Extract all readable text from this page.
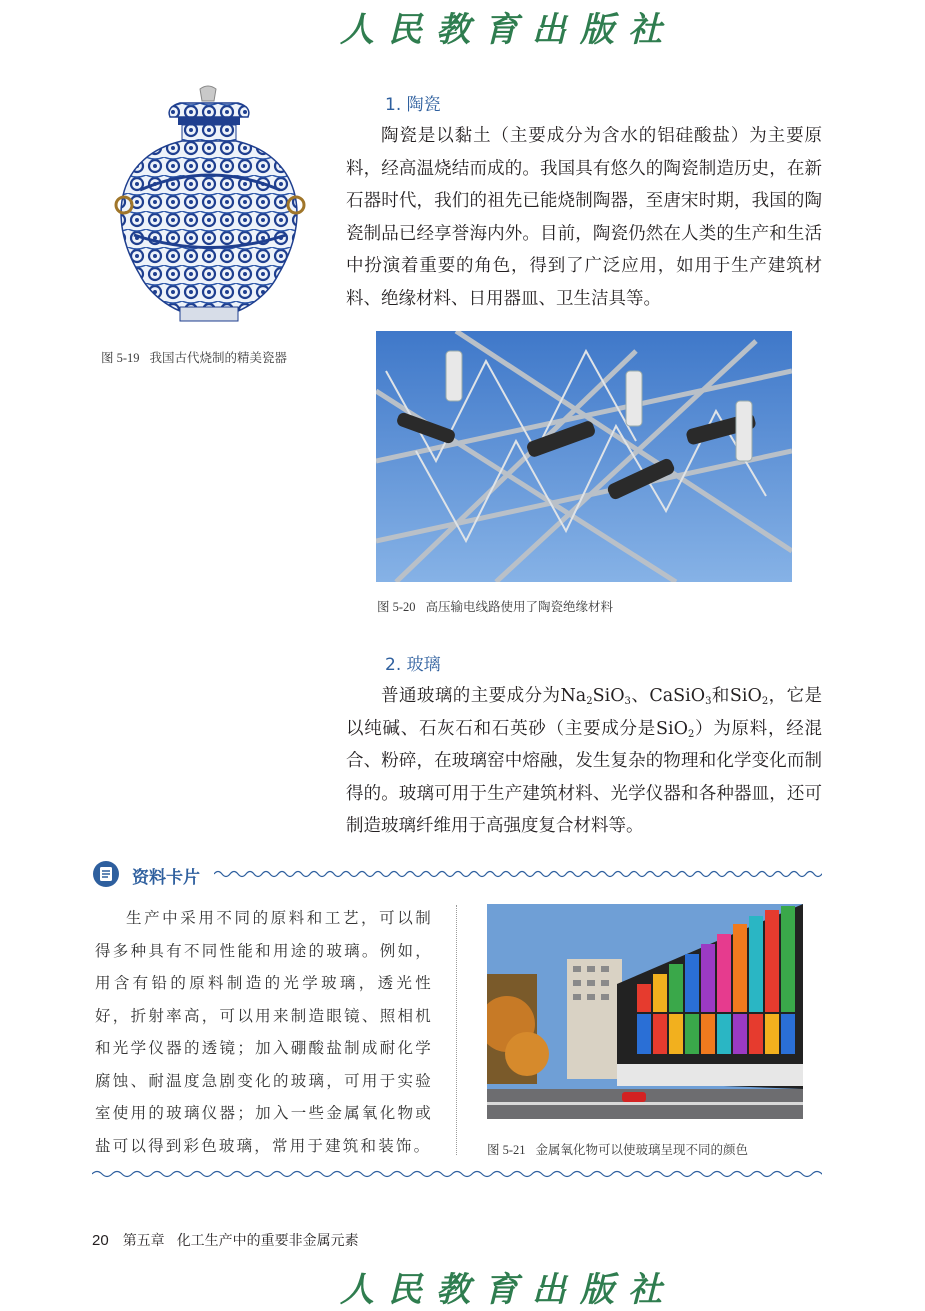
人民教育出版社
1. 陶瓷

陶瓷是以黏土（主要成分为含水的铝硅酸盐）为主要原料，经高温烧结而成的。我国具有悠久的陶瓷制造历史，在新石器时代，我们的祖先已能烧制陶器，至唐宋时期，我国的陶瓷制品已经享誉海内外。目前，陶瓷仍然在人类的生产和生活中扮演着重要的角色，得到了广泛应用，如用于生产建筑材料、绝缘材料、日用器皿、卫生洁具等。

图 5-19 我国古代烧制的精美瓷器
图 5-20 高压输电线路使用了陶瓷绝缘材料
2. 玻璃

普通玻璃的主要成分为$Na_2SiO_3$、CaSiO$_3$和SiO$_2$，它是以纯碱、石灰石和石英砂（主要成分是SiO$_2$）为原料，经混合、粉碎，在玻璃窑中熔融，发生复杂的物理和化学变化而制得的。玻璃可用于生产建筑材料、光学仪器和各种器皿，还可制造玻璃纤维用于高强度复合材料等。

资料卡片

生产中采用不同的原料和工艺，可以制得多种具有不同性能和用途的玻璃。例如，用含有铅的原料制造的光学玻璃，透光性好，折射率高，可以用来制造眼镜、照相机和光学仪器的透镜；加入硼酸盐制成耐化学腐蚀、耐温度急剧变化的玻璃，可用于实验室使用的玻璃仪器；加入一些金属氧化物或盐可以得到彩色玻璃，常用于建筑和装饰。	图 5-21 金属氧化物可以使玻璃呈现不同的颜色
20 第五章 化工生产中的重要非金属元素
人民教育出版社
